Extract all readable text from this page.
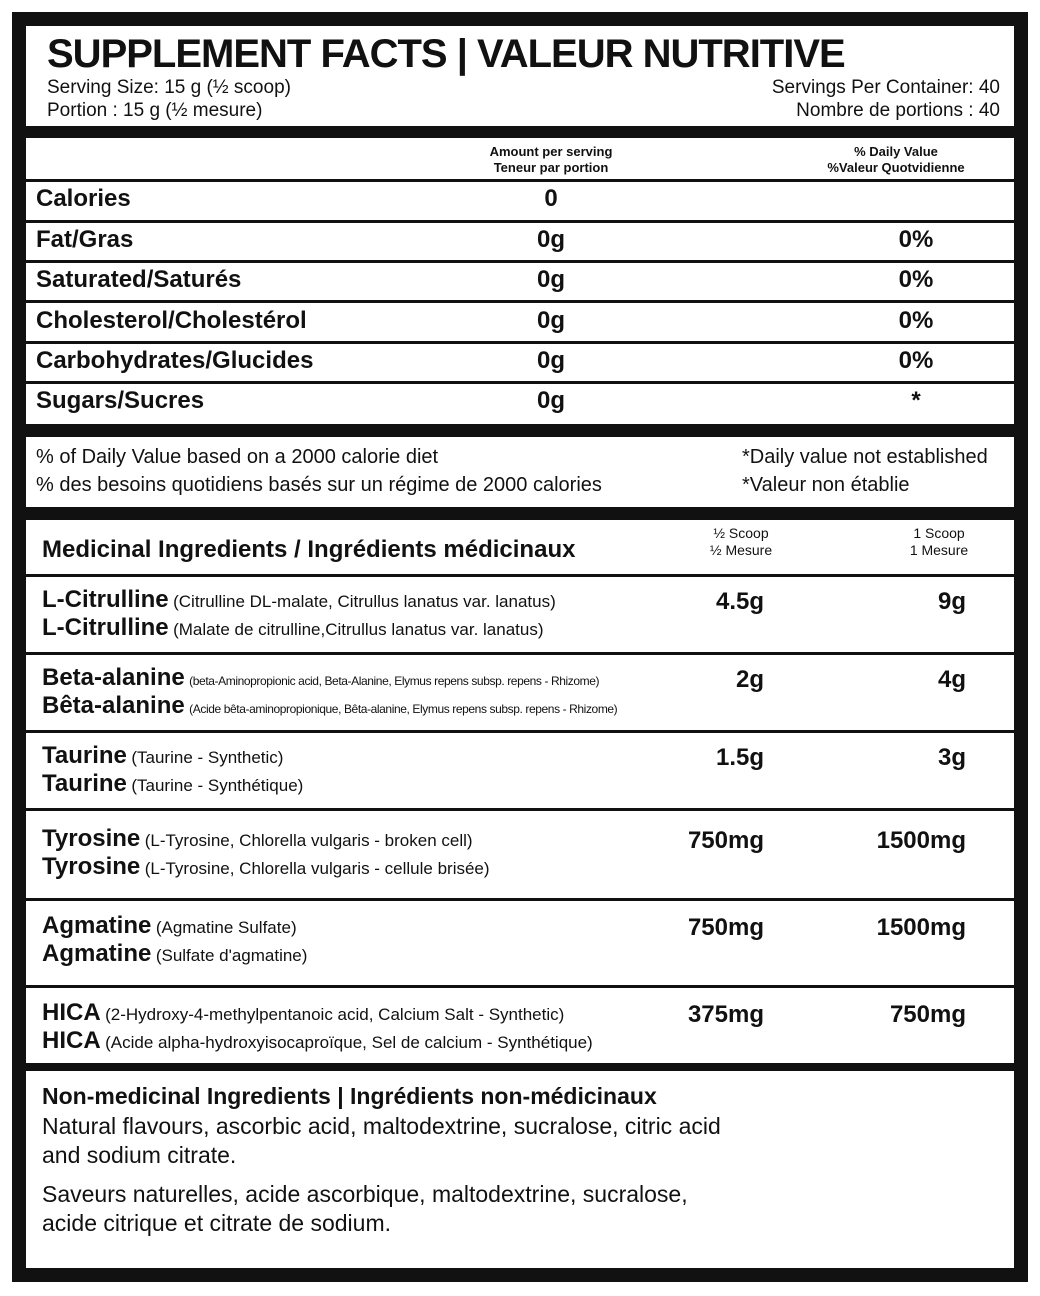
SUPPLEMENT FACTS | VALEUR NUTRITIVE
Serving Size: 15 g (½ scoop)
Portion : 15 g (½ mesure)
Servings Per Container: 40
Nombre de portions : 40
Amount per serving
Teneur par portion
% Daily Value
%Valeur Quotvidienne
Calories	0
Fat/Gras	0g	0%
Saturated/Saturés	0g	0%
Cholesterol/Cholestérol	0g	0%
Carbohydrates/Glucides	0g	0%
Sugars/Sucres	0g	*
% of Daily Value based on a 2000 calorie diet
% des besoins quotidiens basés sur un régime de 2000 calories
*Daily value not established
*Valeur non établie
Medicinal Ingredients / Ingrédients médicinaux
½ Scoop
½ Mesure
1 Scoop
1 Mesure
L-Citrulline (Citrulline DL-malate, Citrullus lanatus var. lanatus)
L-Citrulline (Malate de citrulline,Citrullus lanatus var. lanatus)
4.5g	9g
Beta-alanine (beta-Aminopropionic acid, Beta-Alanine, Elymus repens subsp. repens - Rhizome)
Bêta-alanine (Acide bêta-aminopropionique, Bêta-alanine, Elymus repens subsp. repens - Rhizome)
2g	4g
Taurine (Taurine - Synthetic)
Taurine (Taurine - Synthétique)
1.5g	3g
Tyrosine (L-Tyrosine, Chlorella vulgaris - broken cell)
Tyrosine (L-Tyrosine, Chlorella vulgaris - cellule brisée)
750mg	1500mg
Agmatine (Agmatine Sulfate)
Agmatine (Sulfate d'agmatine)
750mg	1500mg
HICA (2-Hydroxy-4-methylpentanoic acid, Calcium Salt - Synthetic)
HICA (Acide alpha-hydroxyisocaproïque, Sel de calcium - Synthétique)
375mg	750mg
Non-medicinal Ingredients | Ingrédients non-médicinaux
Natural flavours, ascorbic acid, maltodextrine, sucralose, citric acid
and sodium citrate.
Saveurs naturelles, acide ascorbique, maltodextrine, sucralose,
acide citrique et citrate de sodium.
